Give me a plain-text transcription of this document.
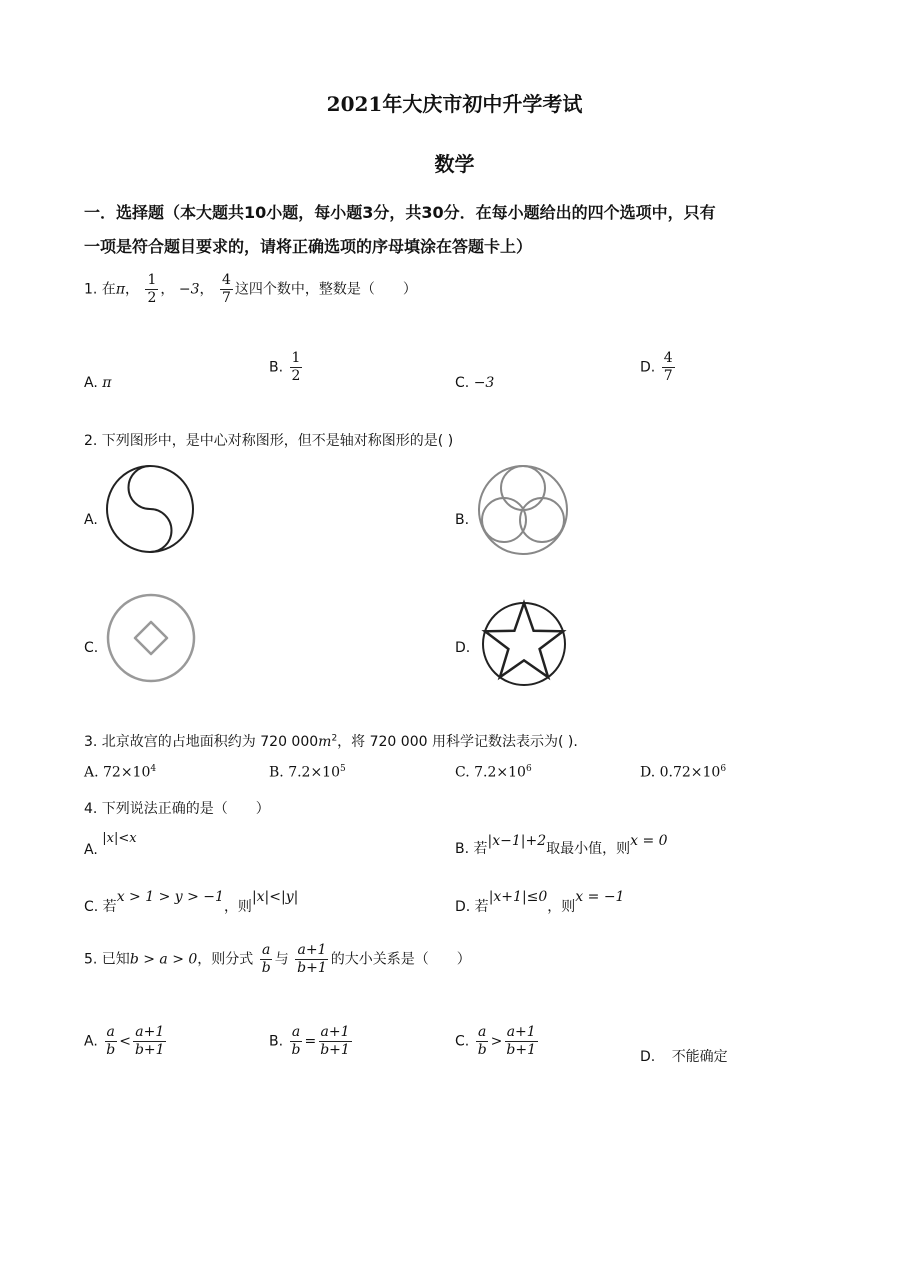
2021年大庆市初中升学考试
数学
一．选择题（本大题共10小题，每小题3分，共30分．在每小题给出的四个选项中，只有
一项是符合题目要求的，请将正确选项的序母填涂在答题卡上）
1. 在π， $\frac{1}{2}$ ， −3， $\frac{4}{7}$ 这四个数中，整数是（　　）
A. π
B. $\frac{1}{2}$	C. −3
D. $\frac{4}{7}$
2. 下列图形中，是中心对称图形，但不是轴对称图形的是( )
A.	B.
C.	D.
3. 北京故宫的占地面积约为 720 $000m^2$，将 720 000 用科学记数法表示为( ).
A. $72\times 10^4$	B. $7.2\times 10^5$	C. $7.2\times 10^6$	D. $0.72\times 10^6$
4. 下列说法正确的是（　　）
A. |x|<x
B. 若|x−1|+2取最小值，则x = 0
C. 若x > 1 > y > −1，则|x|<|y|
D. 若|x+1|≤0，则x = −1
5. 已知b > a > 0，则分式 $\frac{a}{b}$ 与 $\frac{a+1}{b+1}$ 的大小关系是（　　）
A. $\frac{a}{b} < \frac{a+1}{b+1}$	B. $\frac{a}{b} = \frac{a+1}{b+1}$	C. $\frac{a}{b} > \frac{a+1}{b+1}$	D. 不能确定
